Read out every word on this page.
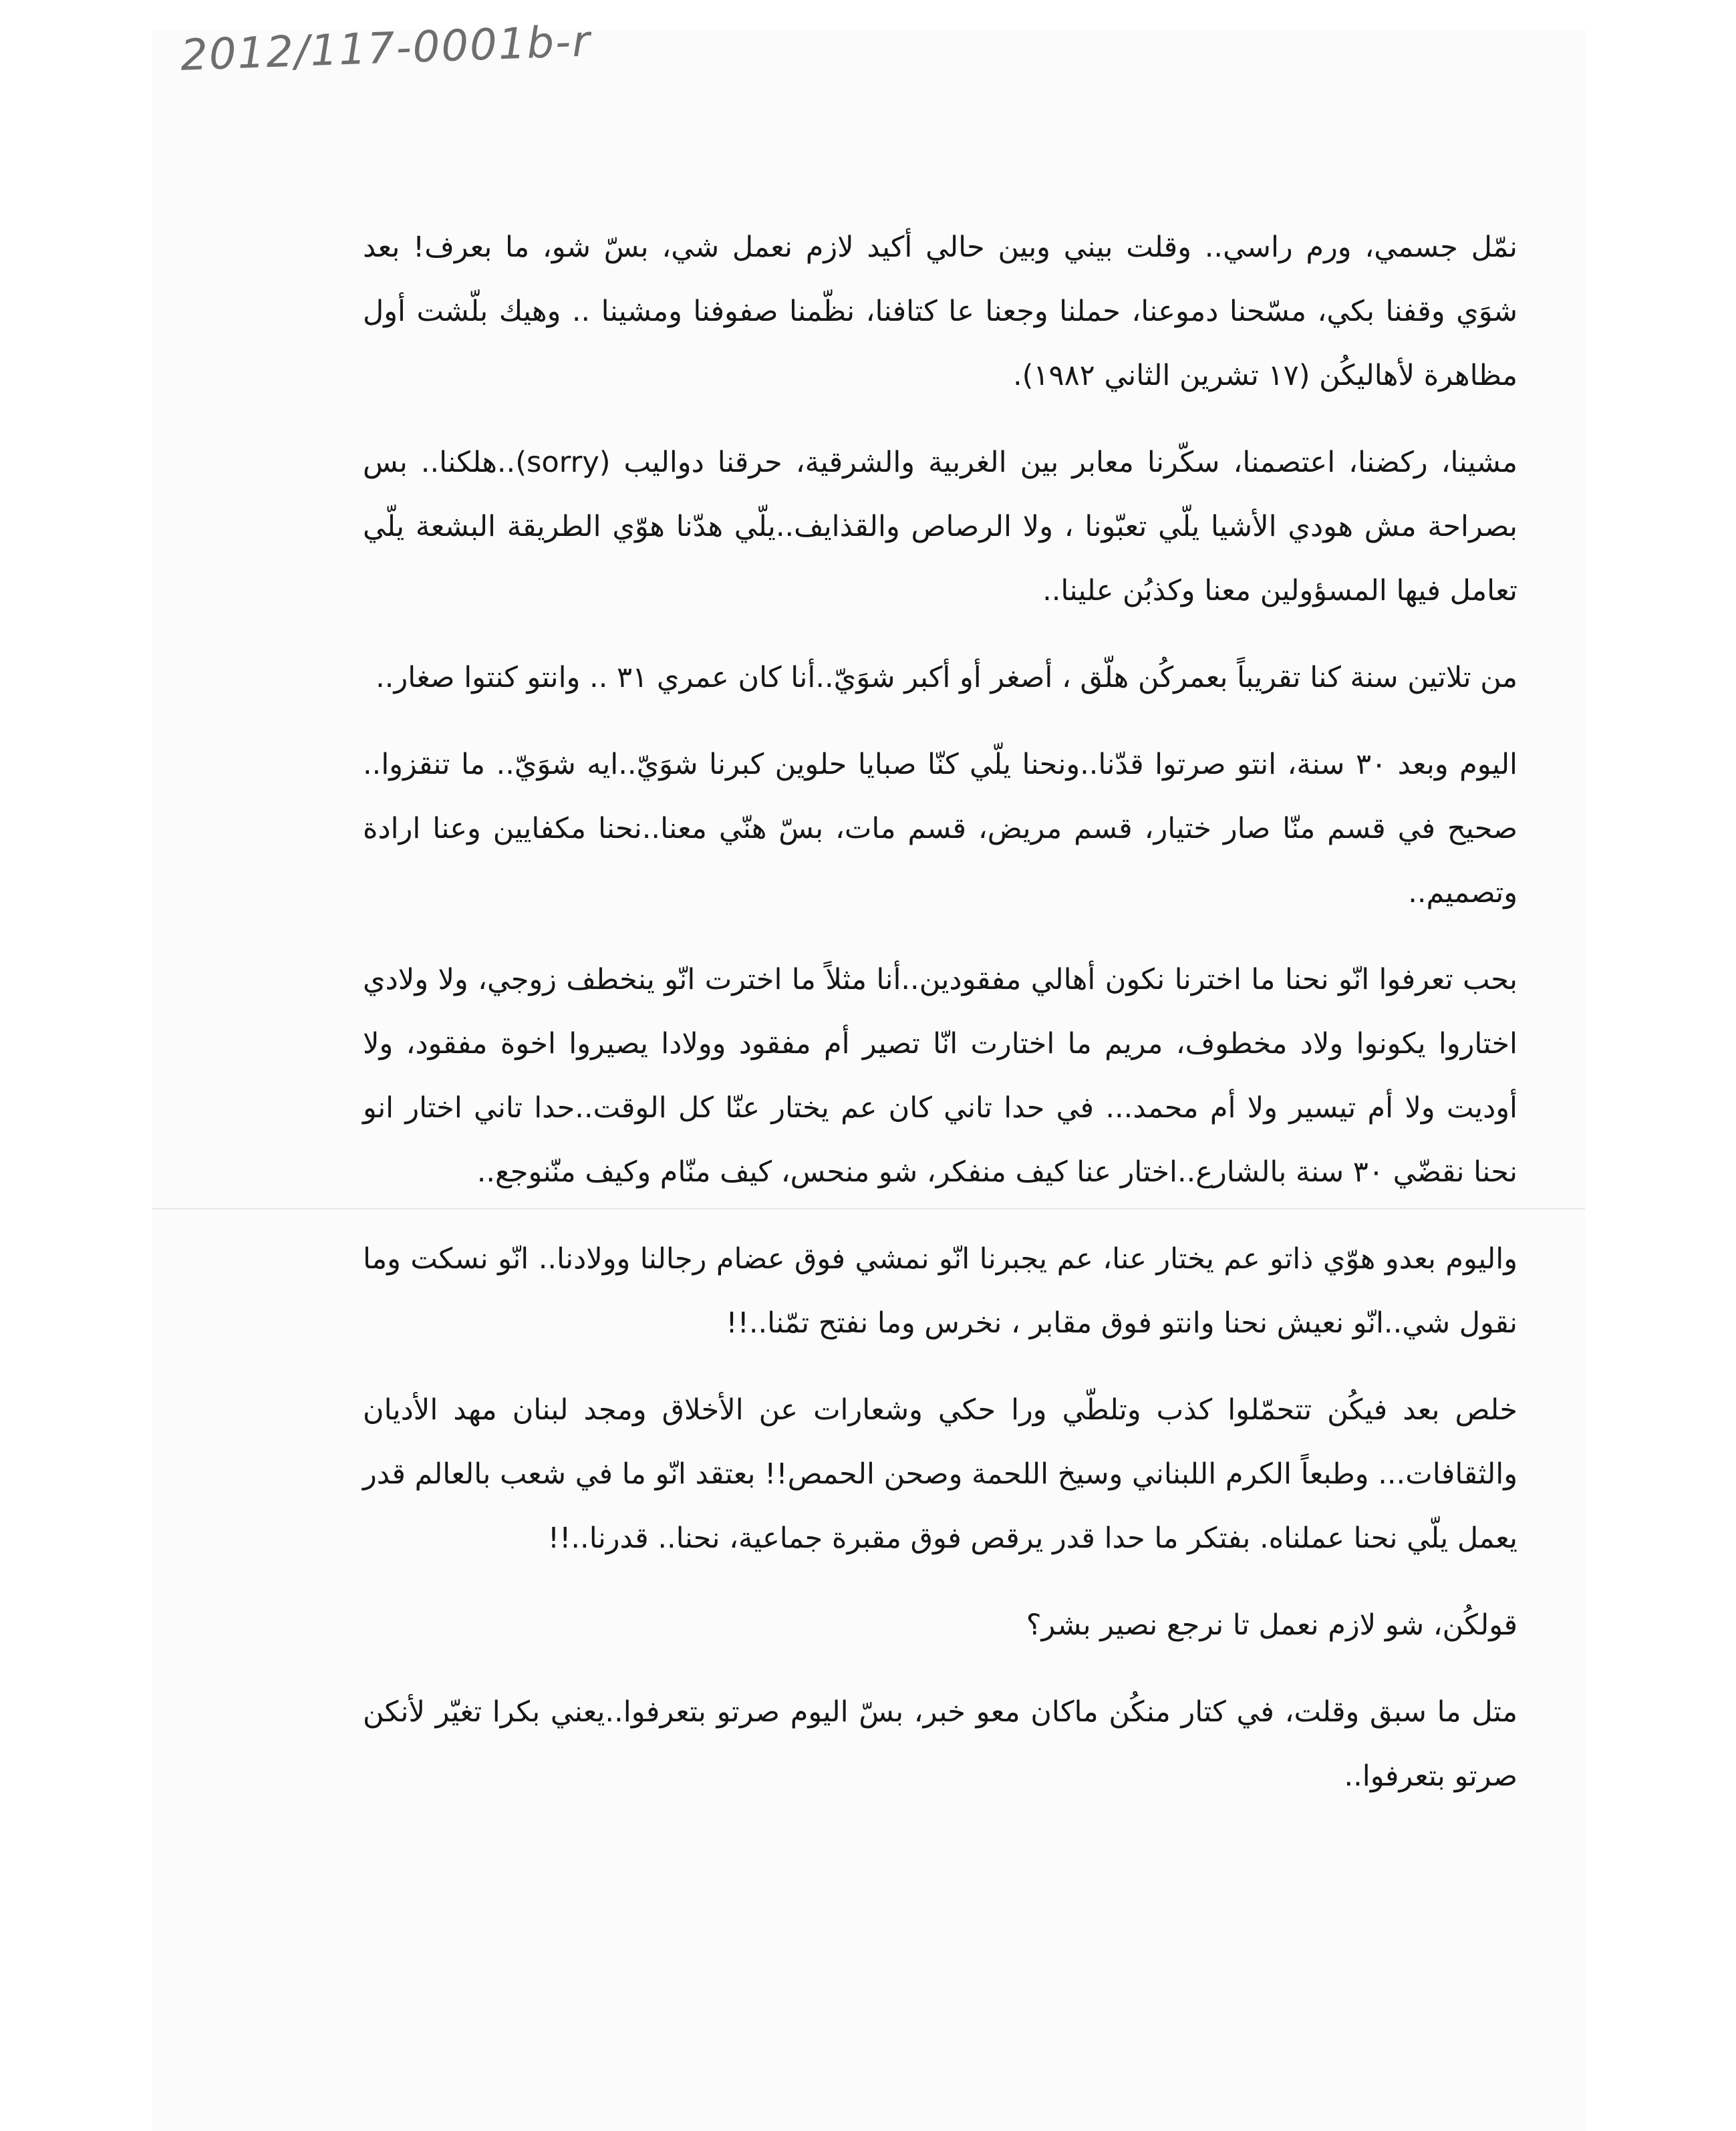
2012/117-0001b-r

نمّل جسمي، ورم راسي.. وقلت بيني وبين حالي أكيد لازم نعمل شي، بسّ شو، ما بعرف! بعد شوَي وقفنا بكي، مسّحنا دموعنا، حملنا وجعنا عا كتافنا، نظّمنا صفوفنا ومشينا .. وهيك بلّشت أول مظاهرة لأهاليكُن (١٧ تشرين الثاني ١٩٨٢).

مشينا، ركضنا، اعتصمنا، سكّرنا معابر بين الغربية والشرقية، حرقنا دواليب (sorry)..هلكنا.. بس بصراحة مش هودي الأشيا يلّي تعبّونا ، ولا الرصاص والقذايف..يلّي هدّنا هوّي الطريقة البشعة يلّي تعامل فيها المسؤولين معنا وكذبُن علينا..

من تلاتين سنة كنا تقريباً بعمركُن هلّق ، أصغر أو أكبر شوَيّ..أنا كان عمري ٣١ .. وانتو كنتوا صغار..

اليوم وبعد ٣٠ سنة، انتو صرتوا قدّنا..ونحنا يلّي كنّا صبايا حلوين كبرنا شوَيّ..ايه شوَيّ.. ما تنقزوا.. صحيح في قسم منّا صار ختيار، قسم مريض، قسم مات، بسّ هنّي معنا..نحنا مكفايين وعنا ارادة وتصميم..

بحب تعرفوا انّو نحنا ما اخترنا نكون أهالي مفقودين..أنا مثلاً ما اخترت انّو ينخطف زوجي، ولا ولادي اختاروا يكونوا ولاد مخطوف، مريم ما اختارت انّا تصير أم مفقود وولادا يصيروا اخوة مفقود، ولا أوديت ولا أم تيسير ولا أم محمد... في حدا تاني كان عم يختار عنّا كل الوقت..حدا تاني اختار انو نحنا نقضّي ٣٠ سنة بالشارع..اختار عنا كيف منفكر، شو منحس، كيف منّام وكيف منّنوجع..

واليوم بعدو هوّي ذاتو عم يختار عنا، عم يجبرنا انّو نمشي فوق عضام رجالنا وولادنا.. انّو نسكت وما نقول شي..انّو نعيش نحنا وانتو فوق مقابر ، نخرس وما نفتح تمّنا..!!

خلص بعد فيكُن تتحمّلوا كذب وتلطّي ورا حكي وشعارات عن الأخلاق ومجد لبنان مهد الأديان والثقافات... وطبعاً الكرم اللبناني وسيخ اللحمة وصحن الحمص!! بعتقد انّو ما في شعب بالعالم قدر يعمل يلّي نحنا عملناه. بفتكر ما حدا قدر يرقص فوق مقبرة جماعية، نحنا.. قدرنا..!!

قولكُن، شو لازم نعمل تا نرجع نصير بشر؟

متل ما سبق وقلت، في كتار منكُن ماكان معو خبر، بسّ اليوم صرتو بتعرفوا..يعني بكرا تغيّر لأنكن صرتو بتعرفوا..
